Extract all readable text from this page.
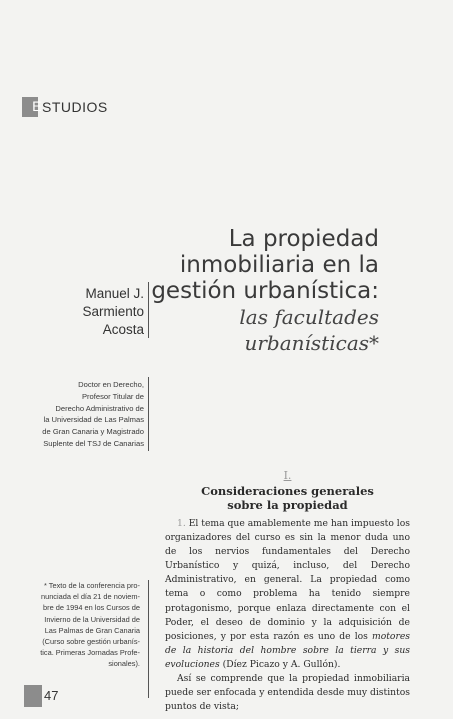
E STUDIOS
La propiedad
inmobiliaria en la
gestión urbanística:
las facultades urbanísticas*
Manuel J.
Sarmiento
Acosta
Doctor en Derecho,
Profesor Titular de
Derecho Administrativo de
la Universidad de Las Palmas
de Gran Canaria y Magistrado
Suplente del TSJ de Canarias
I.
Consideraciones generales
sobre la propiedad

1. El tema que amablemente me han impuesto los organizadores del curso es sin la menor duda uno de los nervios fundamentales del Derecho Urbanístico y quizá, incluso, del Derecho Administrativo, en general. La propiedad como tema o como problema ha tenido siempre protagonismo, porque enlaza directamente con el Poder, el deseo de dominio y la adquisición de posiciones, y por esta razón es uno de los motores de la historia del hombre sobre la tierra y sus evoluciones (Díez Picazo y A. Gullón).

Así se comprende que la propiedad inmobiliaria puede ser enfocada y entendida desde muy distintos puntos de vista;

* Texto de la conferencia pro-
nunciada el día 21 de noviem-
bre de 1994 en los Cursos de
Invierno de la Universidad de
Las Palmas de Gran Canaria
(Curso sobre gestión urbanís-
tica. Primeras Jornadas Profe-
sionales).
47
